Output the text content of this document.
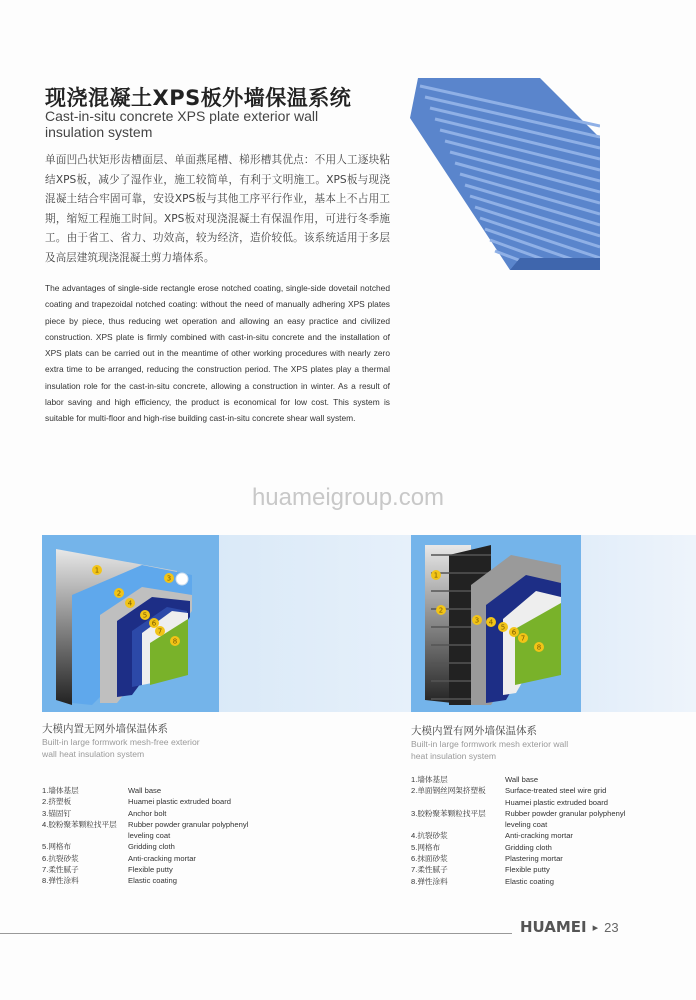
现浇混凝土XPS板外墙保温系统
Cast-in-situ concrete XPS plate exterior wall insulation system
单面凹凸状矩形齿槽面层、单面燕尾槽、梯形槽其优点：不用人工逐块粘结XPS板，减少了湿作业，施工较简单，有利于文明施工。XPS板与现浇混凝土结合牢固可靠，安设XPS板与其他工序平行作业，基本上不占用工期，缩短工程施工时间。XPS板对现浇混凝土有保温作用，可进行冬季施工。由于省工、省力、功效高，较为经济，造价较低。该系统适用于多层及高层建筑现浇混凝土剪力墙体系。
The advantages of single-side rectangle erose notched coating, single-side dovetail notched coating and trapezoidal notched coating: without the need of manually adhering XPS plates piece by piece, thus reducing wet operation and allowing an easy practice and civilized construction. XPS plate is firmly combined with cast-in-situ concrete and the installation of XPS plats can be carried out in the meantime of other working procedures with nearly zero extra time to be arranged, reducing the construction period. The XPS plates play a thermal insulation role for the cast-in-situ concrete, allowing a construction in winter. As a result of labor saving and high efficiency, the product is economical for low cost. This system is suitable for multi-floor and high-rise building cast-in-situ concrete shear wall system.
huameigroup.com
1
2
3
4
5
6
7
8
1
2
3 4
5
6
7
8
大模内置无网外墙保温体系
Built-in large formwork mesh-free exterior wall heat insulation system
1.墙体基层	Wall base
2.挤塑板	Huamei plastic extruded board
3.锚固钉	Anchor bolt
4.胶粉聚苯颗粒找平层	Rubber powder granular polyphenyl leveling coat
5.网格布	Gridding cloth
6.抗裂砂浆	Anti-cracking mortar
7.柔性腻子	Flexible putty
8.弹性涂料	Elastic coating
大模内置有网外墙保温体系
Built-in large formwork mesh exterior wall heat insulation system
1.墙体基层	Wall base
2.单面钢丝网架挤塑板	Surface-treated steel wire grid Huamei plastic extruded board
3.胶粉聚苯颗粒找平层	Rubber powder granular polyphenyl leveling coat
4.抗裂砂浆	Anti-cracking mortar
5.网格布	Gridding cloth
6.抹面砂浆	Plastering mortar
7.柔性腻子	Flexible putty
8.弹性涂料	Elastic coating
HUAMEI ▸ 23
